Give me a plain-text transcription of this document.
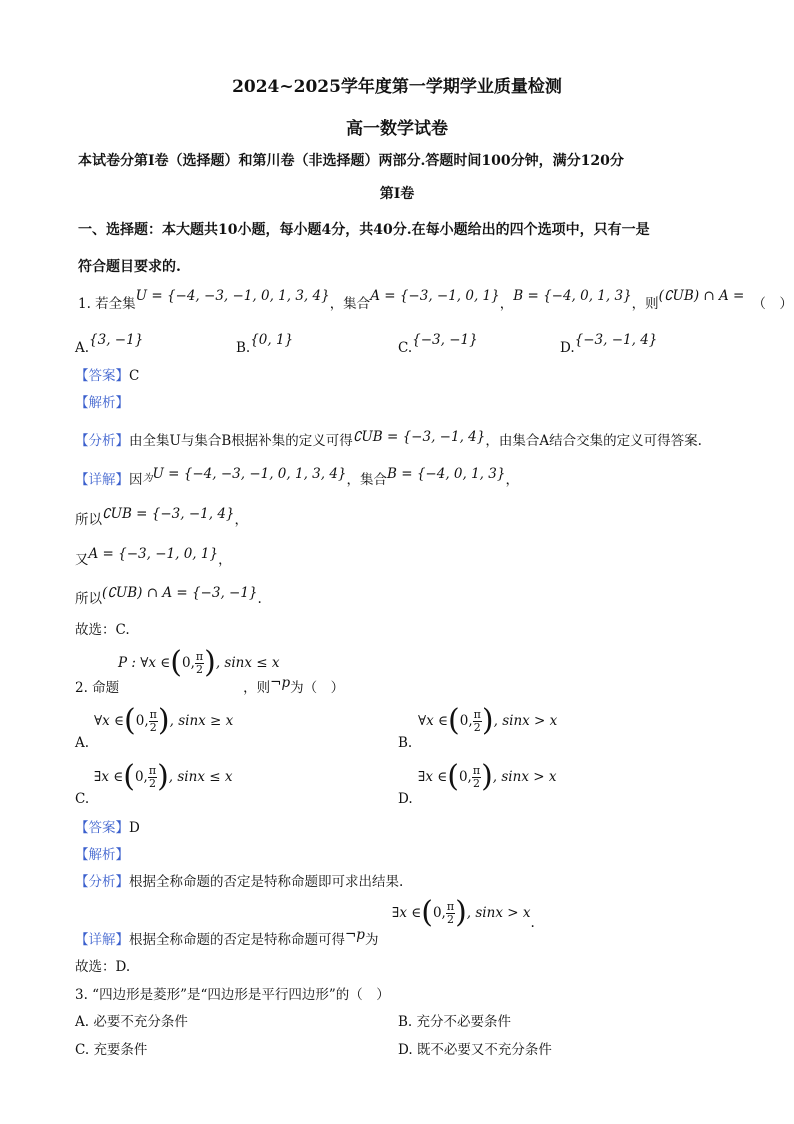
2024~2025学年度第一学期学业质量检测
高一数学试卷
本试卷分第I卷（选择题）和第川卷（非选择题）两部分.答题时间100分钟，满分120分
第I卷
一、选择题：本大题共10小题，每小题4分，共40分.在每小题给出的四个选项中，只有一是
符合题目要求的.
1. 若全集U = {−4, −3, −1, 0, 1, 3, 4}，集合A = {−3, −1, 0, 1}，B = {−4, 0, 1, 3}，则(∁UB) ∩ A = （　）
A.{3, −1}	B.{0, 1}	C.{−3, −1}	D.{−3, −1, 4}
【答案】C
【解析】
【分析】由全集U与集合B根据补集的定义可得∁UB = {−3, −1, 4}，由集合A结合交集的定义可得答案.
【详解】因$^为$U = {−4, −3, −1, 0, 1, 3, 4}，集合B = {−4, 0, 1, 3}，
所以∁UB = {−3, −1, 4}，
又A = {−3, −1, 0, 1}，
所以(∁UB) ∩ A = {−3, −1}.
故选：C.
P : ∀x ∈(0, $\frac{\pi}{2}$ ), sinx ≤ x
2. 命题	，则¬p为（　）
∀x ∈(0, $\frac{\pi}{2}$ ), sinx ≥ x
A.
∀x ∈(0, $\frac{\pi}{2}$ ), sinx > x
B.
∃x ∈(0, $\frac{\pi}{2}$ ), sinx ≤ x
C.
∃x ∈(0, $\frac{\pi}{2}$ ), sinx > x
D.
【答案】D
【解析】
【分析】根据全称命题的否定是特称命题即可求出结果.
∃x ∈(0, $\frac{\pi}{2}$ ), sinx > x.
【详解】根据全称命题的否定是特称命题可得¬p为
故选：D.
3. “四边形是菱形”是“四边形是平行四边形”的（　）
A. 必要不充分条件	B. 充分不必要条件
C. 充要条件	D. 既不必要又不充分条件
